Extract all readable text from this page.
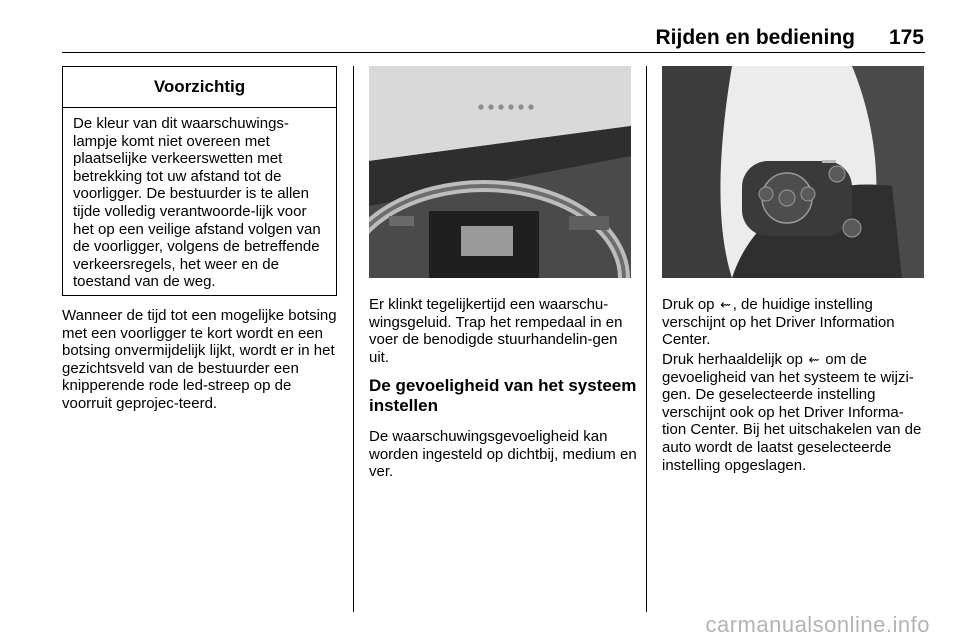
Rijden en bediening	175
Voorzichtig
De kleur van dit waarschuwings-lampje komt niet overeen met plaatselijke verkeerswetten met betrekking tot uw afstand tot de voorligger. De bestuurder is te allen tijde volledig verantwoorde-lijk voor het op een veilige afstand volgen van de voorligger, volgens de betreffende verkeersregels, het weer en de toestand van de weg.

Wanneer de tijd tot een mogelijke botsing met een voorligger te kort wordt en een botsing onvermijdelijk lijkt, wordt er in het gezichtsveld van de bestuurder een knipperende rode led-streep op de voorruit geprojec-teerd.

Er klinkt tegelijkertijd een waarschu-wingsgeluid. Trap het rempedaal in en voer de benodigde stuurhandelin-gen uit.

De gevoeligheid van het systeem instellen

De waarschuwingsgevoeligheid kan worden ingesteld op dichtbij, medium en ver.

Druk op ⇜ , de huidige instelling verschijnt op het Driver Information Center.

Druk herhaaldelijk op ⇜ om de gevoeligheid van het systeem te wijzi-gen. De geselecteerde instelling verschijnt ook op het Driver Informa-tion Center. Bij het uitschakelen van de auto wordt de laatst geselecteerde instelling opgeslagen.

carmanualsonline.info
